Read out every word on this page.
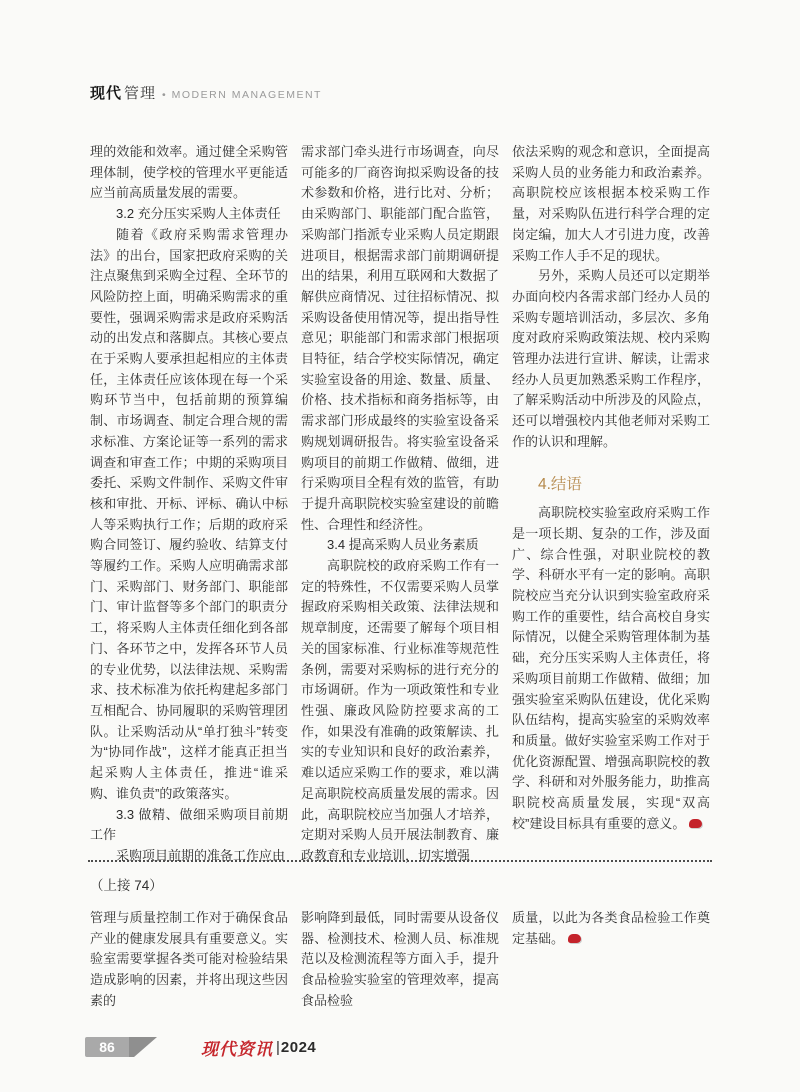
现代 管理 • MODERN MANAGEMENT

理的效能和效率。通过健全采购管理体制，使学校的管理水平更能适应当前高质量发展的需要。

3.2 充分压实采购人主体责任

随着《政府采购需求管理办法》的出台，国家把政府采购的关注点聚焦到采购全过程、全环节的风险防控上面，明确采购需求的重要性，强调采购需求是政府采购活动的出发点和落脚点。其核心要点在于采购人要承担起相应的主体责任，主体责任应该体现在每一个采购环节当中，包括前期的预算编制、市场调查、制定合理合规的需求标准、方案论证等一系列的需求调查和审查工作；中期的采购项目委托、采购文件制作、采购文件审核和审批、开标、评标、确认中标人等采购执行工作；后期的政府采购合同签订、履约验收、结算支付等履约工作。采购人应明确需求部门、采购部门、财务部门、职能部门、审计监督等多个部门的职责分工，将采购人主体责任细化到各部门、各环节之中，发挥各环节人员的专业优势，以法律法规、采购需求、技术标准为依托构建起多部门互相配合、协同履职的采购管理团队。让采购活动从“单打独斗”转变为“协同作战”，这样才能真正担当起采购人主体责任，推进“谁采购、谁负责”的政策落实。

3.3 做精、做细采购项目前期工作

采购项目前期的准备工作应由

需求部门牵头进行市场调查，向尽可能多的厂商咨询拟采购设备的技术参数和价格，进行比对、分析；由采购部门、职能部门配合监管，采购部门指派专业采购人员定期跟进项目，根据需求部门前期调研提出的结果，利用互联网和大数据了解供应商情况、过往招标情况、拟采购设备使用情况等，提出指导性意见；职能部门和需求部门根据项目特征，结合学校实际情况，确定实验室设备的用途、数量、质量、价格、技术指标和商务指标等，由需求部门形成最终的实验室设备采购规划调研报告。将实验室设备采购项目的前期工作做精、做细，进行采购项目全程有效的监管，有助于提升高职院校实验室建设的前瞻性、合理性和经济性。

3.4 提高采购人员业务素质

高职院校的政府采购工作有一定的特殊性，不仅需要采购人员掌握政府采购相关政策、法律法规和规章制度，还需要了解每个项目相关的国家标准、行业标准等规范性条例，需要对采购标的进行充分的市场调研。作为一项政策性和专业性强、廉政风险防控要求高的工作，如果没有准确的政策解读、扎实的专业知识和良好的政治素养，难以适应采购工作的要求，难以满足高职院校高质量发展的需求。因此，高职院校应当加强人才培养，定期对采购人员开展法制教育、廉政教育和专业培训，切实增强

依法采购的观念和意识，全面提高采购人员的业务能力和政治素养。高职院校应该根据本校采购工作量，对采购队伍进行科学合理的定岗定编，加大人才引进力度，改善采购工作人手不足的现状。

另外，采购人员还可以定期举办面向校内各需求部门经办人员的采购专题培训活动，多层次、多角度对政府采购政策法规、校内采购管理办法进行宣讲、解读，让需求经办人员更加熟悉采购工作程序，了解采购活动中所涉及的风险点，还可以增强校内其他老师对采购工作的认识和理解。

4.结语

高职院校实验室政府采购工作是一项长期、复杂的工作，涉及面广、综合性强，对职业院校的教学、科研水平有一定的影响。高职院校应当充分认识到实验室政府采购工作的重要性，结合高校自身实际情况，以健全采购管理体制为基础，充分压实采购人主体责任，将采购项目前期工作做精、做细；加强实验室采购队伍建设，优化采购队伍结构，提高实验室的采购效率和质量。做好实验室采购工作对于优化资源配置、增强高职院校的教学、科研和对外服务能力，助推高职院校高质量发展，实现“双高校”建设目标具有重要的意义。

（上接 74）

管理与质量控制工作对于确保食品产业的健康发展具有重要意义。实验室需要掌握各类可能对检验结果造成影响的因素，并将出现这些因素的

影响降到最低，同时需要从设备仪器、检测技术、检测人员、标准规范以及检测流程等方面入手，提升食品检验实验室的管理效率，提高食品检验

质量，以此为各类食品检验工作奠定基础。

86	现代资讯 | 2024
